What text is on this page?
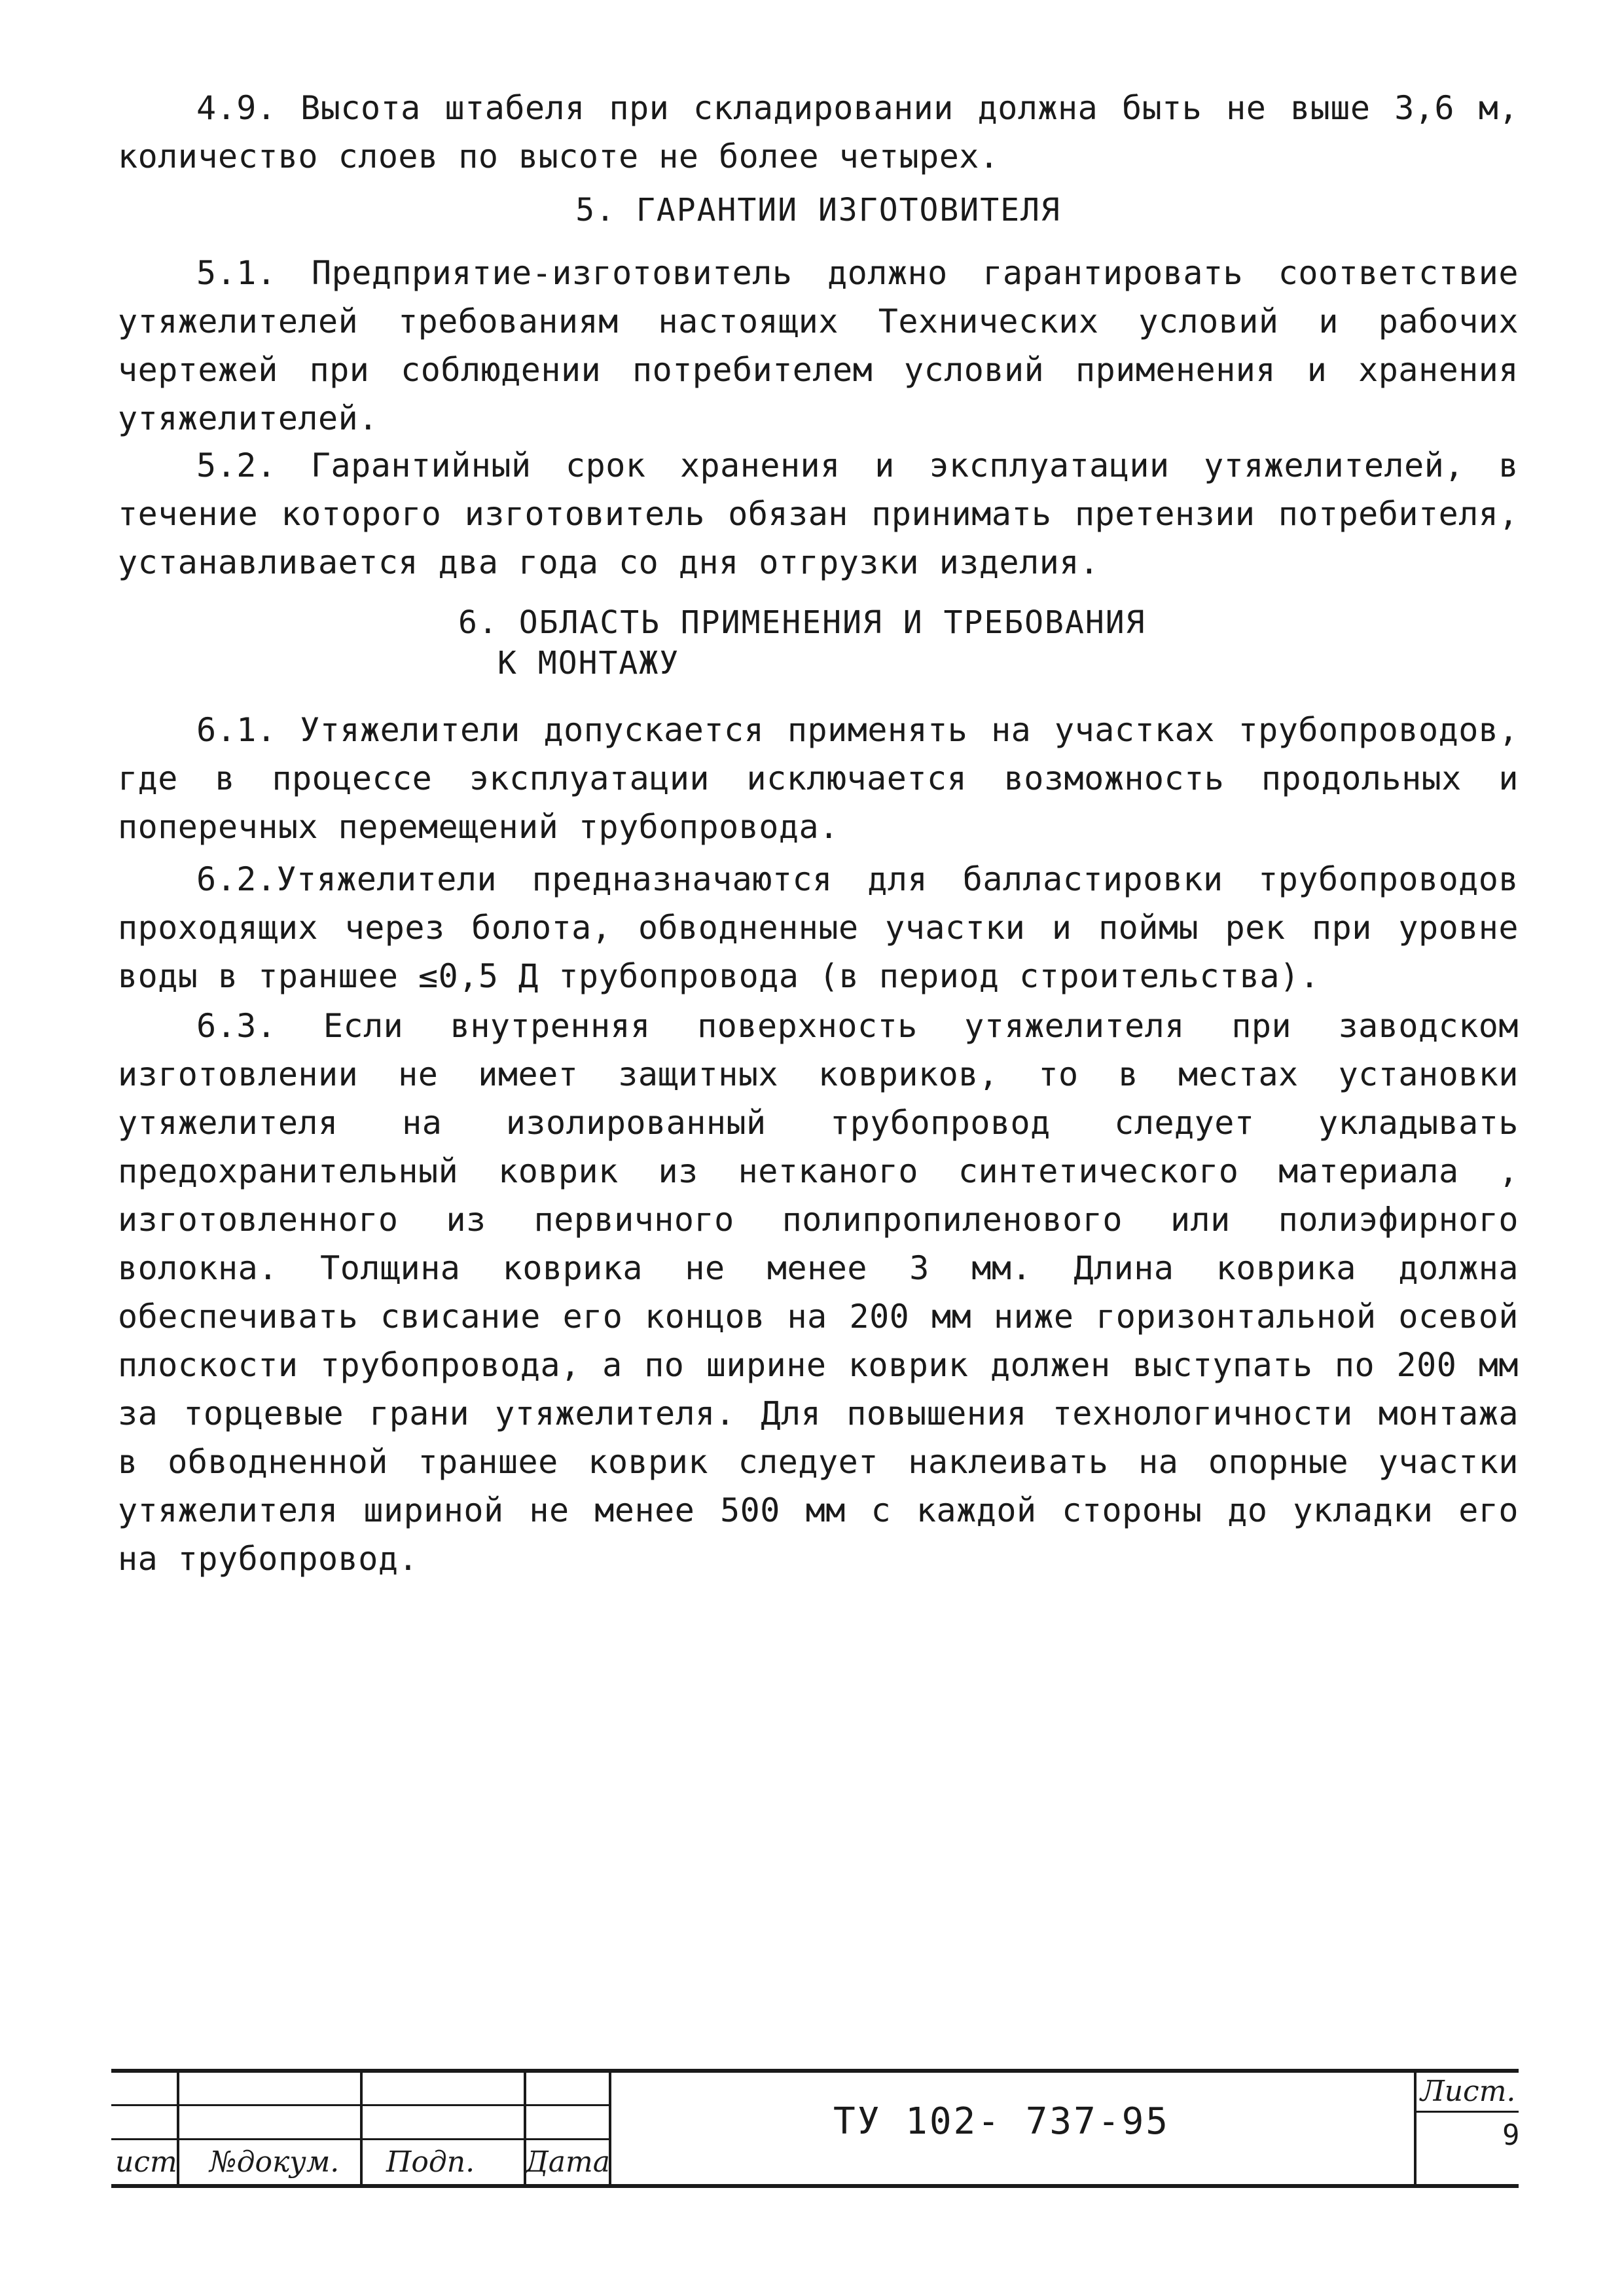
4.9. Высота штабеля при складировании должна быть не выше 3,6 м, количество слоев по высоте не более четырех.

5. ГАРАНТИИ ИЗГОТОВИТЕЛЯ

5.1. Предприятие-изготовитель должно гарантировать соответствие утяжелителей требованиям настоящих Технических условий и рабочих чертежей при соблюдении потребителем условий применения и хранения утяжелителей.

5.2. Гарантийный срок хранения и эксплуатации утяжелителей, в течение которого изготовитель обязан принимать претензии потребителя, устанавливается два года со дня отгрузки изделия.

6. ОБЛАСТЬ ПРИМЕНЕНИЯ И ТРЕБОВАНИЯ

К МОНТАЖУ

6.1. Утяжелители допускается применять на участках трубопроводов, где в процессе эксплуатации исключается возможность продольных и поперечных перемещений трубопровода.

6.2.Утяжелители предназначаются для балластировки трубопроводов проходящих через болота, обводненные участки и поймы рек при уровне воды в траншее ≤0,5 Д трубопровода (в период строительства).

6.3. Если внутренняя поверхность утяжелителя при заводском изготовлении не имеет защитных ковриков, то в местах установки утяжелителя на изолированный трубопровод следует укладывать предохранительный коврик из нетканого синтетического материала , изготовленного из первичного полипропиленового или полиэфирного волокна. Толщина коврика не менее 3 мм. Длина коврика должна обеспечивать свисание его концов на 200 мм ниже горизонтальной осевой плоскости трубопровода, а по ширине коврик должен выступать по 200 мм за торцевые грани утяжелителя. Для повышения технологичности монтажа в обводненной траншее коврик следует наклеивать на опорные участки утяжелителя шириной не менее 500 мм с каждой стороны до укладки его на трубопровод.

ист №докум. Подп. Дата
ТУ 102- 737-95
Лист.
9
